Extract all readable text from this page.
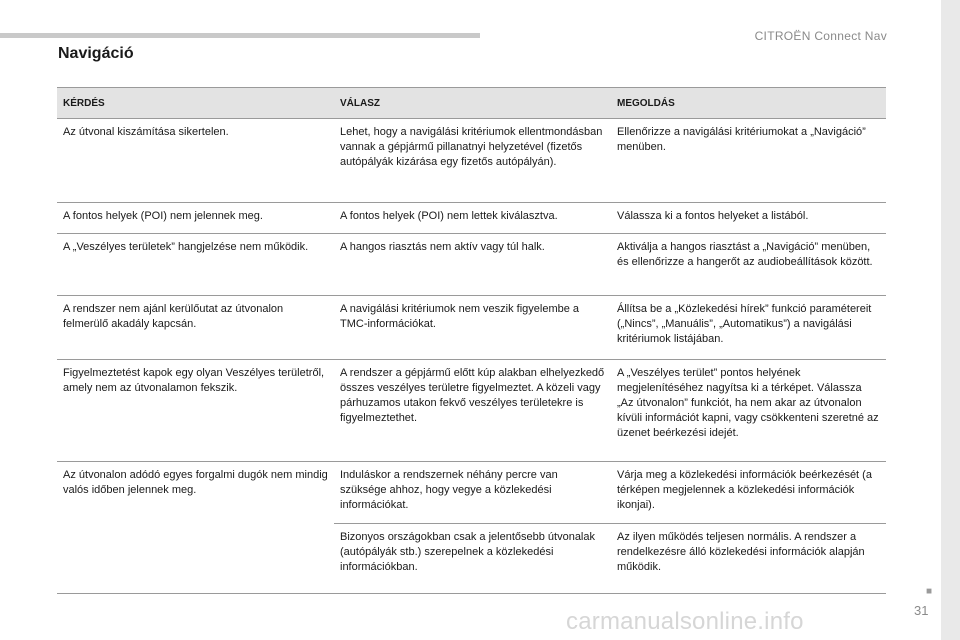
CITROËN Connect Nav
Navigáció
KÉRDÉS	VÁLASZ	MEGOLDÁS
Az útvonal kiszámítása sikertelen.	Lehet, hogy a navigálási kritériumok ellentmondásban vannak a gépjármű pillanatnyi helyzetével (fizetős autópályák kizárása egy fizetős autópályán).	Ellenőrizze a navigálási kritériumokat a „Navigáció” menüben.
A fontos helyek (POI) nem jelennek meg.	A fontos helyek (POI) nem lettek kiválasztva.	Válassza ki a fontos helyeket a listából.
A „Veszélyes területek” hangjelzése nem működik.	A hangos riasztás nem aktív vagy túl halk.	Aktiválja a hangos riasztást a „Navigáció” menüben, és ellenőrizze a hangerőt az audiobeállítások között.
A rendszer nem ajánl kerülőutat az útvonalon felmerülő akadály kapcsán.	A navigálási kritériumok nem veszik figyelembe a TMC-információkat.	Állítsa be a „Közlekedési hírek” funkció paramétereit („Nincs”, „Manuális”, „Automatikus”) a navigálási kritériumok listájában.
Figyelmeztetést kapok egy olyan Veszélyes területről, amely nem az útvonalamon fekszik.	A rendszer a gépjármű előtt kúp alakban elhelyezkedő összes veszélyes területre figyelmeztet. A közeli vagy párhuzamos utakon fekvő veszélyes területekre is figyelmeztethet.	A „Veszélyes terület” pontos helyének megjelenítéséhez nagyítsa ki a térképet. Válassza „Az útvonalon” funkciót, ha nem akar az útvonalon kívüli információt kapni, vagy csökkenteni szeretné az üzenet beérkezési idejét.
Az útvonalon adódó egyes forgalmi dugók nem mindig valós időben jelennek meg.	Induláskor a rendszernek néhány percre van szüksége ahhoz, hogy vegye a közlekedési információkat.	Várja meg a közlekedési információk beérkezését (a térképen megjelennek a közlekedési információk ikonjai).
	Bizonyos országokban csak a jelentősebb útvonalak (autópályák stb.) szerepelnek a közlekedési információkban.	Az ilyen működés teljesen normális. A rendszer a rendelkezésre álló közlekedési információk alapján működik.
■
31
carmanualsonline.info
